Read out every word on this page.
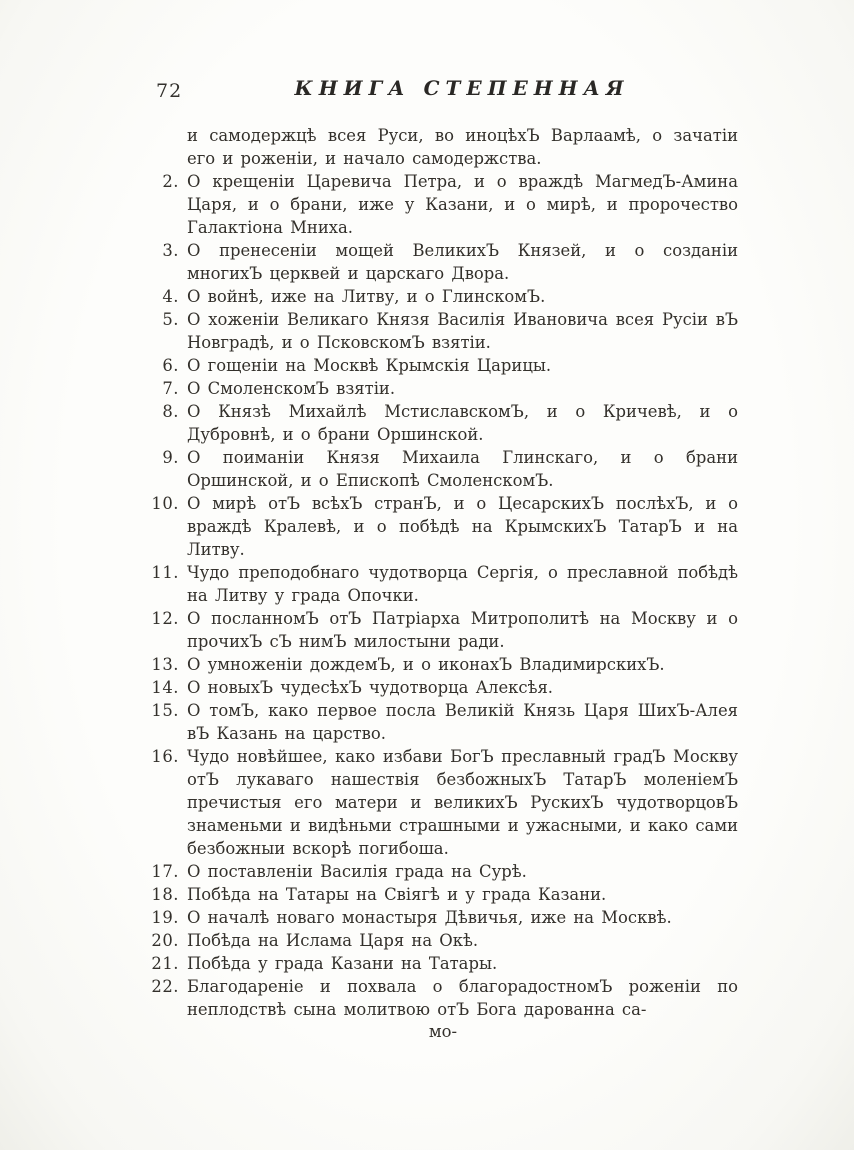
72	КНИГА СТЕПЕННАЯ
и самодержцѣ всея Руси, во иноцѣхЪ Варлаамѣ, о зачатіи его и роженіи, и начало самодержства.
2. О крещеніи Царевича Петра, и о враждѣ МагмедЪ-Амина Царя, и о брани, иже у Казани, и о мирѣ, и пророчество Галактіона Мниха.
3. О пренесеніи мощей ВеликихЪ Князей, и о созданіи многихЪ церквей и царскаго Двора.
4. О войнѣ, иже на Литву, и о ГлинскомЪ.
5. О хоженіи Великаго Князя Василія Ивановича всея Русіи вЪ Новградѣ, и о ПсковскомЪ взятіи.
6. О гощеніи на Москвѣ Крымскія Царицы.
7. О СмоленскомЪ взятіи.
8. О Князѣ Михайлѣ МстиславскомЪ, и о Кричевѣ, и о Дубровнѣ, и о брани Оршинской.
9. О поиманіи Князя Михаила Глинскаго, и о брани Оршинской, и о Епископѣ СмоленскомЪ.
10. О мирѣ отЪ всѣхЪ странЪ, и о ЦесарскихЪ послѣхЪ, и о враждѣ Кралевѣ, и о побѣдѣ на КрымскихЪ ТатарЪ и на Литву.
11. Чудо преподобнаго чудотворца Сергія, о преславной побѣдѣ на Литву у града Опочки.
12. О посланномЪ отЪ Патріарха Митрополитѣ на Москву и о прочихЪ сЪ нимЪ милостыни ради.
13. О умноженіи дождемЪ, и о иконахЪ ВладимирскихЪ.
14. О новыхЪ чудесѣхЪ чудотворца Алексѣя.
15. О томЪ, како первое посла Великій Князь Царя ШихЪ-Алея вЪ Казань на царство.
16. Чудо новѣйшее, како избави БогЪ преславный градЪ Москву отЪ лукаваго нашествія безбожныхЪ ТатарЪ моленіемЪ пречистыя его матери и великихЪ РускихЪ чудотворцовЪ знаменьми и видѣньми страшными и ужасными, и како сами безбожныи вскорѣ погибоша.
17. О поставленіи Василія града на Сурѣ.
18. Побѣда на Татары на Свіягѣ и у града Казани.
19. О началѣ новаго монастыря Дѣвичья, иже на Москвѣ.
20. Побѣда на Ислама Царя на Окѣ.
21. Побѣда у града Казани на Татары.
22. Благодареніе и похвала о благорадостномЪ роженіи по неплодствѣ сына молитвою отЪ Бога дарованна са-
мо-
